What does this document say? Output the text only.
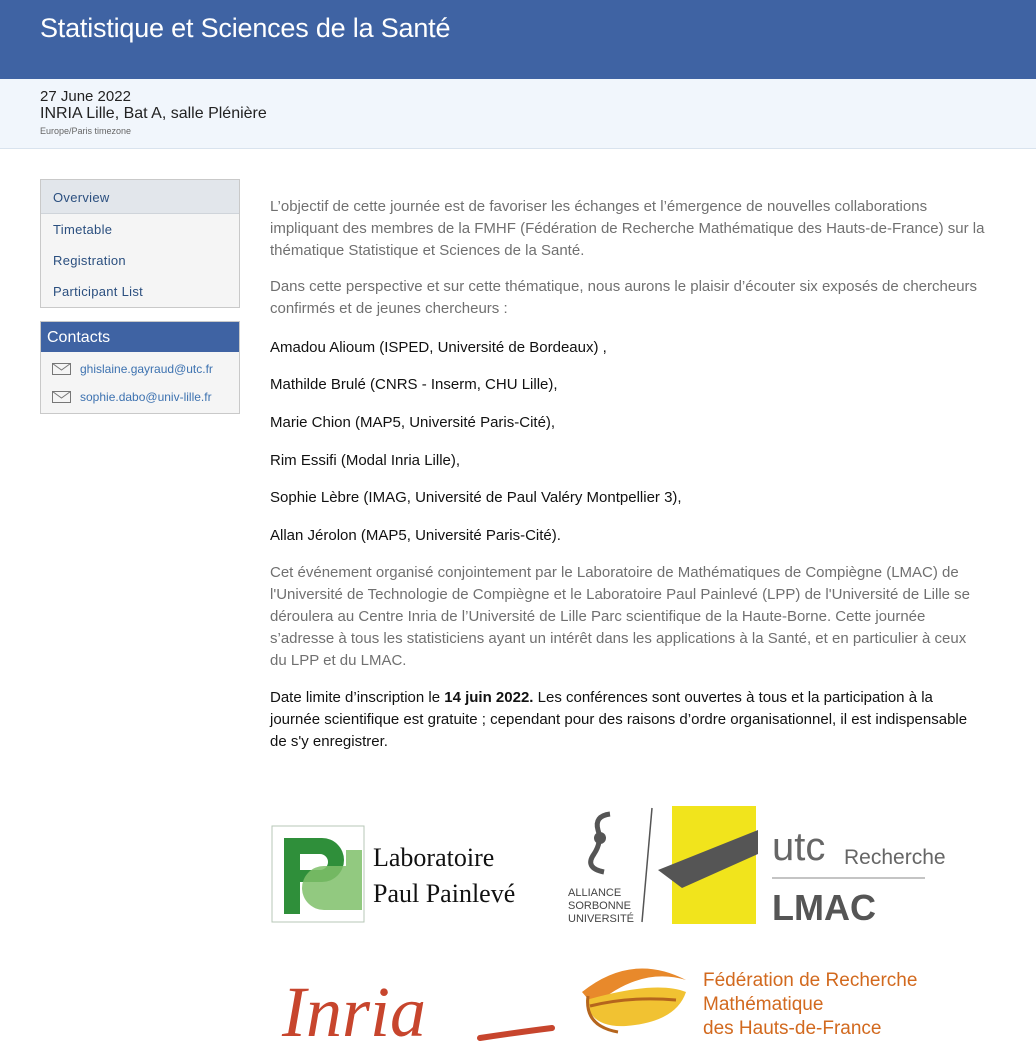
Statistique et Sciences de la Santé
27 June 2022
INRIA Lille, Bat A, salle Plénière
Europe/Paris timezone
Overview
Timetable
Registration
Participant List
Contacts
ghislaine.gayraud@utc.fr
sophie.dabo@univ-lille.fr

L’objectif de cette journée est de favoriser les échanges et l’émergence de nouvelles collaborations impliquant des membres de la FMHF (Fédération de Recherche Mathématique des Hauts-de-France) sur la thématique Statistique et Sciences de la Santé.

Dans cette perspective et sur cette thématique, nous aurons le plaisir d’écouter six exposés de chercheurs confirmés et de jeunes chercheurs :

Amadou Alioum (ISPED, Université de Bordeaux) ,

Mathilde Brulé (CNRS - Inserm, CHU Lille),

Marie Chion (MAP5, Université Paris-Cité),

Rim Essifi (Modal Inria Lille),

Sophie Lèbre (IMAG, Université de Paul Valéry Montpellier 3),

Allan Jérolon (MAP5, Université Paris-Cité).

Cet événement organisé conjointement par le Laboratoire de Mathématiques de Compiègne (LMAC) de l'Université de Technologie de Compiègne et le Laboratoire Paul Painlevé (LPP) de l'Université de Lille se déroulera au Centre Inria de l’Université de Lille Parc scientifique de la Haute-Borne. Cette journée s’adresse à tous les statisticiens ayant un intérêt dans les applications à la Santé, et en particulier à ceux du LPP et du LMAC.

Date limite d’inscription le 14 juin 2022. Les conférences sont ouvertes à tous et la participation à la journée scientifique est gratuite ; cependant pour des raisons d’ordre organisationnel, il est indispensable de s'y enregistrer.

Laboratoire
Paul Painlevé	ALLIANCE
SORBONNE
UNIVERSITÉ
utc Recherche
LMAC
Inria	Fédération de Recherche
Mathématique
des Hauts-de-France
